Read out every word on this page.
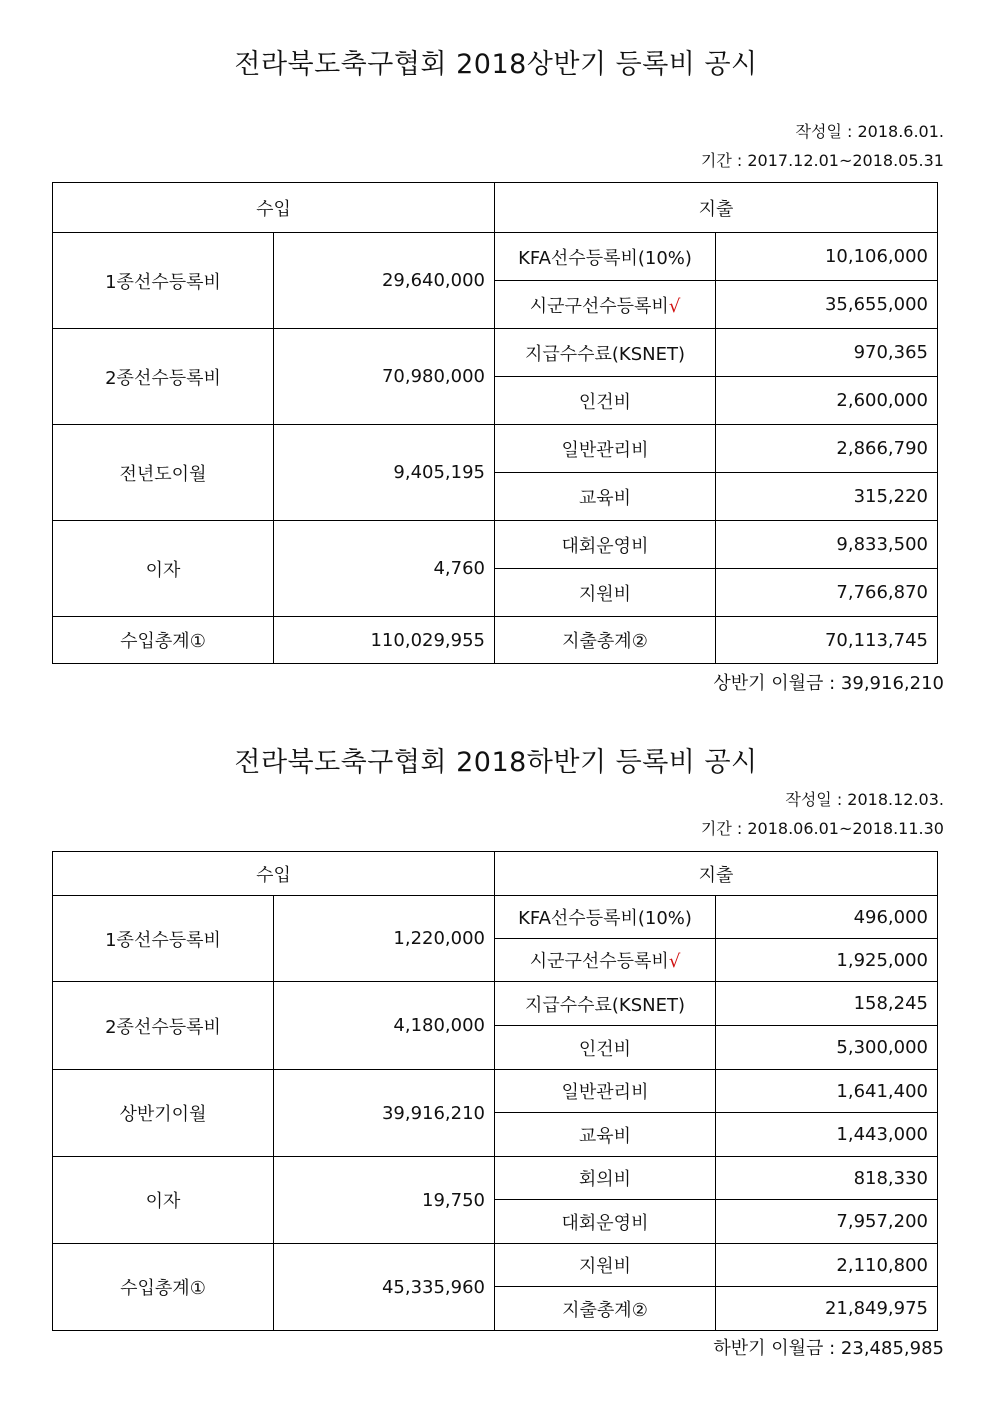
전라북도축구협회 2018상반기 등록비 공시
작성일 : 2018.6.01.
기간 : 2017.12.01~2018.05.31
수입		지출	
1종선수등록비	29,640,000	KFA선수등록비(10%)	10,106,000
		시군구선수등록비√	35,655,000
2종선수등록비	70,980,000	지급수수료(KSNET)	970,365
		인건비	2,600,000
전년도이월	9,405,195	일반관리비	2,866,790
		교육비	315,220
이자	4,760	대회운영비	9,833,500
		지원비	7,766,870
수입총계①	110,029,955	지출총계②	70,113,745
상반기 이월금 : 39,916,210
전라북도축구협회 2018하반기 등록비 공시
작성일 : 2018.12.03.
기간 : 2018.06.01~2018.11.30
수입		지출	
1종선수등록비	1,220,000	KFA선수등록비(10%)	496,000
		시군구선수등록비√	1,925,000
2종선수등록비	4,180,000	지급수수료(KSNET)	158,245
		인건비	5,300,000
상반기이월	39,916,210	일반관리비	1,641,400
		교육비	1,443,000
이자	19,750	회의비	818,330
		대회운영비	7,957,200
수입총계①	45,335,960	지원비	2,110,800
		지출총계②	21,849,975
하반기 이월금 : 23,485,985
